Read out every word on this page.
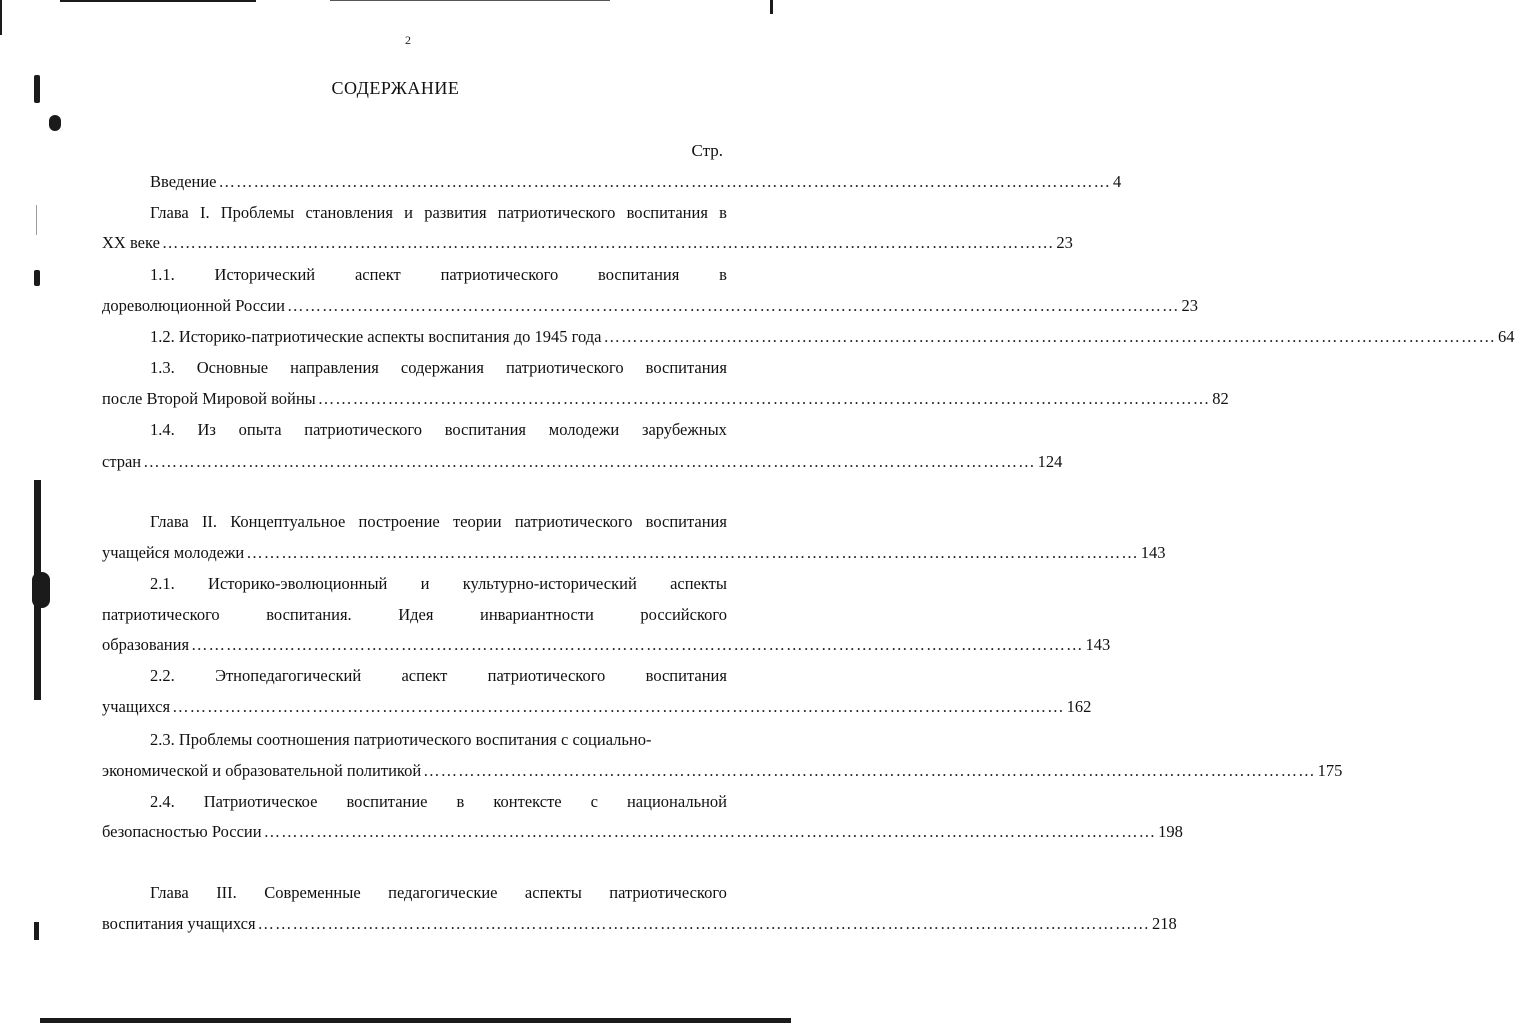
2
СОДЕРЖАНИЕ
Стр.
Введение ……………………………………………………………………………………………………………………………………… 4
Глава I. Проблемы становления и развития патриотического воспитания в
XX веке ……………………………………………………………………………………………………………………………………… 23
1.1. Исторический аспект патриотического воспитания в
дореволюционной России ……………………………………………………………………………………………………………………………………… 23
1.2. Историко-патриотические аспекты воспитания до 1945 года ……………………………………………………………………………………………………………………………………… 64
1.3. Основные направления содержания патриотического воспитания
после Второй Мировой войны ……………………………………………………………………………………………………………………………………… 82
1.4. Из опыта патриотического воспитания молодежи зарубежных
стран ……………………………………………………………………………………………………………………………………… 124
Глава II. Концептуальное построение теории патриотического воспитания
учащейся молодежи ……………………………………………………………………………………………………………………………………… 143
2.1. Историко-эволюционный и культурно-исторический аспекты
патриотического	воспитания.	Идея	инвариантности	российского
образования ……………………………………………………………………………………………………………………………………… 143
2.2. Этнопедагогический аспект патриотического воспитания
учащихся ……………………………………………………………………………………………………………………………………… 162
2.3. Проблемы соотношения патриотического воспитания с социально-
экономической и образовательной политикой ……………………………………………………………………………………………………………………………………… 175
2.4. Патриотическое воспитание в контексте с национальной
безопасностью России ……………………………………………………………………………………………………………………………………… 198
Глава III. Современные педагогические аспекты патриотического
воспитания учащихся ……………………………………………………………………………………………………………………………………… 218
